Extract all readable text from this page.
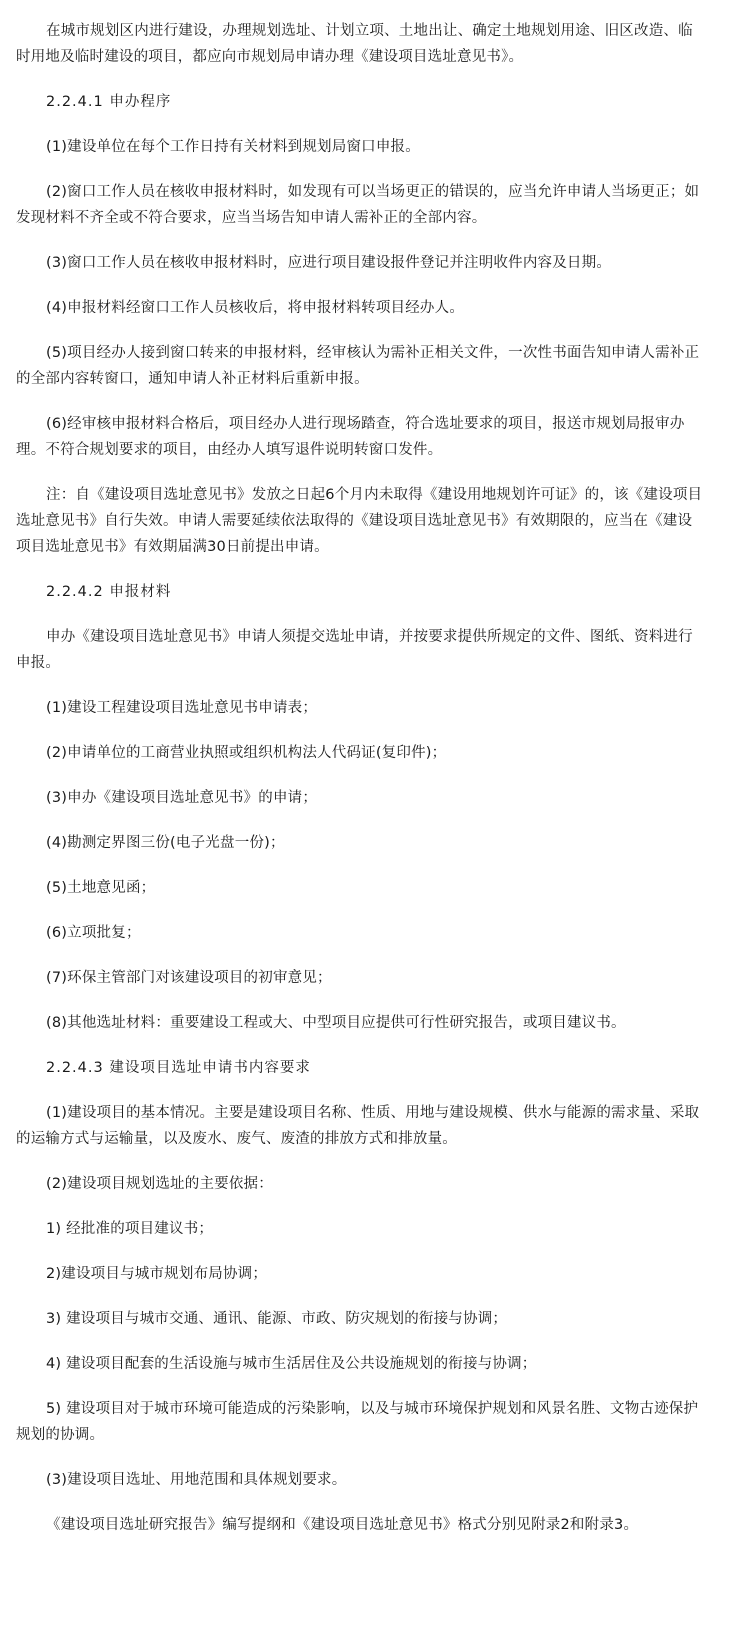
在城市规划区内进行建设，办理规划选址、计划立项、土地出让、确定土地规划用途、旧区改造、临时用地及临时建设的项目，都应向市规划局申请办理《建设项目选址意见书》。

2.2.4.1 申办程序

(1)建设单位在每个工作日持有关材料到规划局窗口申报。

(2)窗口工作人员在核收申报材料时，如发现有可以当场更正的错误的，应当允许申请人当场更正；如发现材料不齐全或不符合要求，应当当场告知申请人需补正的全部内容。

(3)窗口工作人员在核收申报材料时，应进行项目建设报件登记并注明收件内容及日期。

(4)申报材料经窗口工作人员核收后，将申报材料转项目经办人。

(5)项目经办人接到窗口转来的申报材料，经审核认为需补正相关文件，一次性书面告知申请人需补正的全部内容转窗口，通知申请人补正材料后重新申报。

(6)经审核申报材料合格后，项目经办人进行现场踏查，符合选址要求的项目，报送市规划局报审办理。不符合规划要求的项目，由经办人填写退件说明转窗口发件。

注：自《建设项目选址意见书》发放之日起6个月内未取得《建设用地规划许可证》的，该《建设项目选址意见书》自行失效。申请人需要延续依法取得的《建设项目选址意见书》有效期限的，应当在《建设项目选址意见书》有效期届满30日前提出申请。

2.2.4.2 申报材料

申办《建设项目选址意见书》申请人须提交选址申请，并按要求提供所规定的文件、图纸、资料进行申报。

(1)建设工程建设项目选址意见书申请表；

(2)申请单位的工商营业执照或组织机构法人代码证(复印件)；

(3)申办《建设项目选址意见书》的申请；

(4)勘测定界图三份(电子光盘一份)；

(5)土地意见函；

(6)立项批复；

(7)环保主管部门对该建设项目的初审意见；

(8)其他选址材料：重要建设工程或大、中型项目应提供可行性研究报告，或项目建议书。

2.2.4.3 建设项目选址申请书内容要求

(1)建设项目的基本情况。主要是建设项目名称、性质、用地与建设规模、供水与能源的需求量、采取的运输方式与运输量，以及废水、废气、废渣的排放方式和排放量。

(2)建设项目规划选址的主要依据：

1) 经批准的项目建议书；

2)建设项目与城市规划布局协调；

3) 建设项目与城市交通、通讯、能源、市政、防灾规划的衔接与协调；

4) 建设项目配套的生活设施与城市生活居住及公共设施规划的衔接与协调；

5) 建设项目对于城市环境可能造成的污染影响，以及与城市环境保护规划和风景名胜、文物古迹保护规划的协调。

(3)建设项目选址、用地范围和具体规划要求。

《建设项目选址研究报告》编写提纲和《建设项目选址意见书》格式分别见附录2和附录3。
